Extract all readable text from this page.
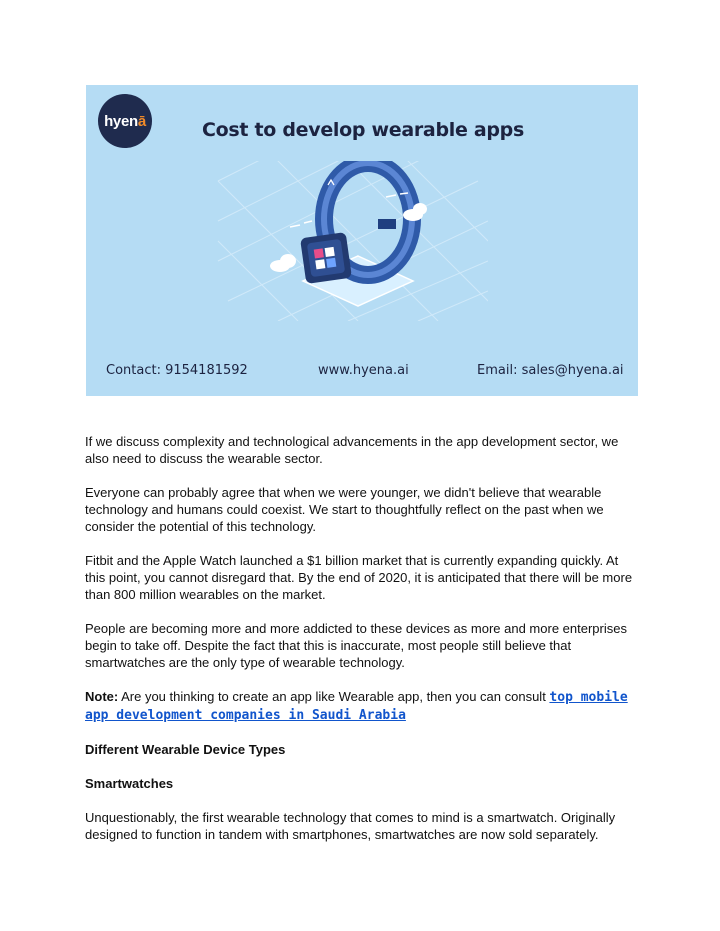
hyenā	Cost to develop wearable apps
Contact: 9154181592	www.hyena.ai	Email: sales@hyena.ai

If we discuss complexity and technological advancements in the app development sector, we also need to discuss the wearable sector.

Everyone can probably agree that when we were younger, we didn't believe that wearable technology and humans could coexist. We start to thoughtfully reflect on the past when we consider the potential of this technology.

Fitbit and the Apple Watch launched a $1 billion market that is currently expanding quickly. At this point, you cannot disregard that. By the end of 2020, it is anticipated that there will be more than 800 million wearables on the market.

People are becoming more and more addicted to these devices as more and more enterprises begin to take off. Despite the fact that this is inaccurate, most people still believe that smartwatches are the only type of wearable technology.

Note: Are you thinking to create an app like Wearable app, then you can consult top mobile app development companies in Saudi Arabia

Different Wearable Device Types

Smartwatches

Unquestionably, the first wearable technology that comes to mind is a smartwatch. Originally designed to function in tandem with smartphones, smartwatches are now sold separately.
